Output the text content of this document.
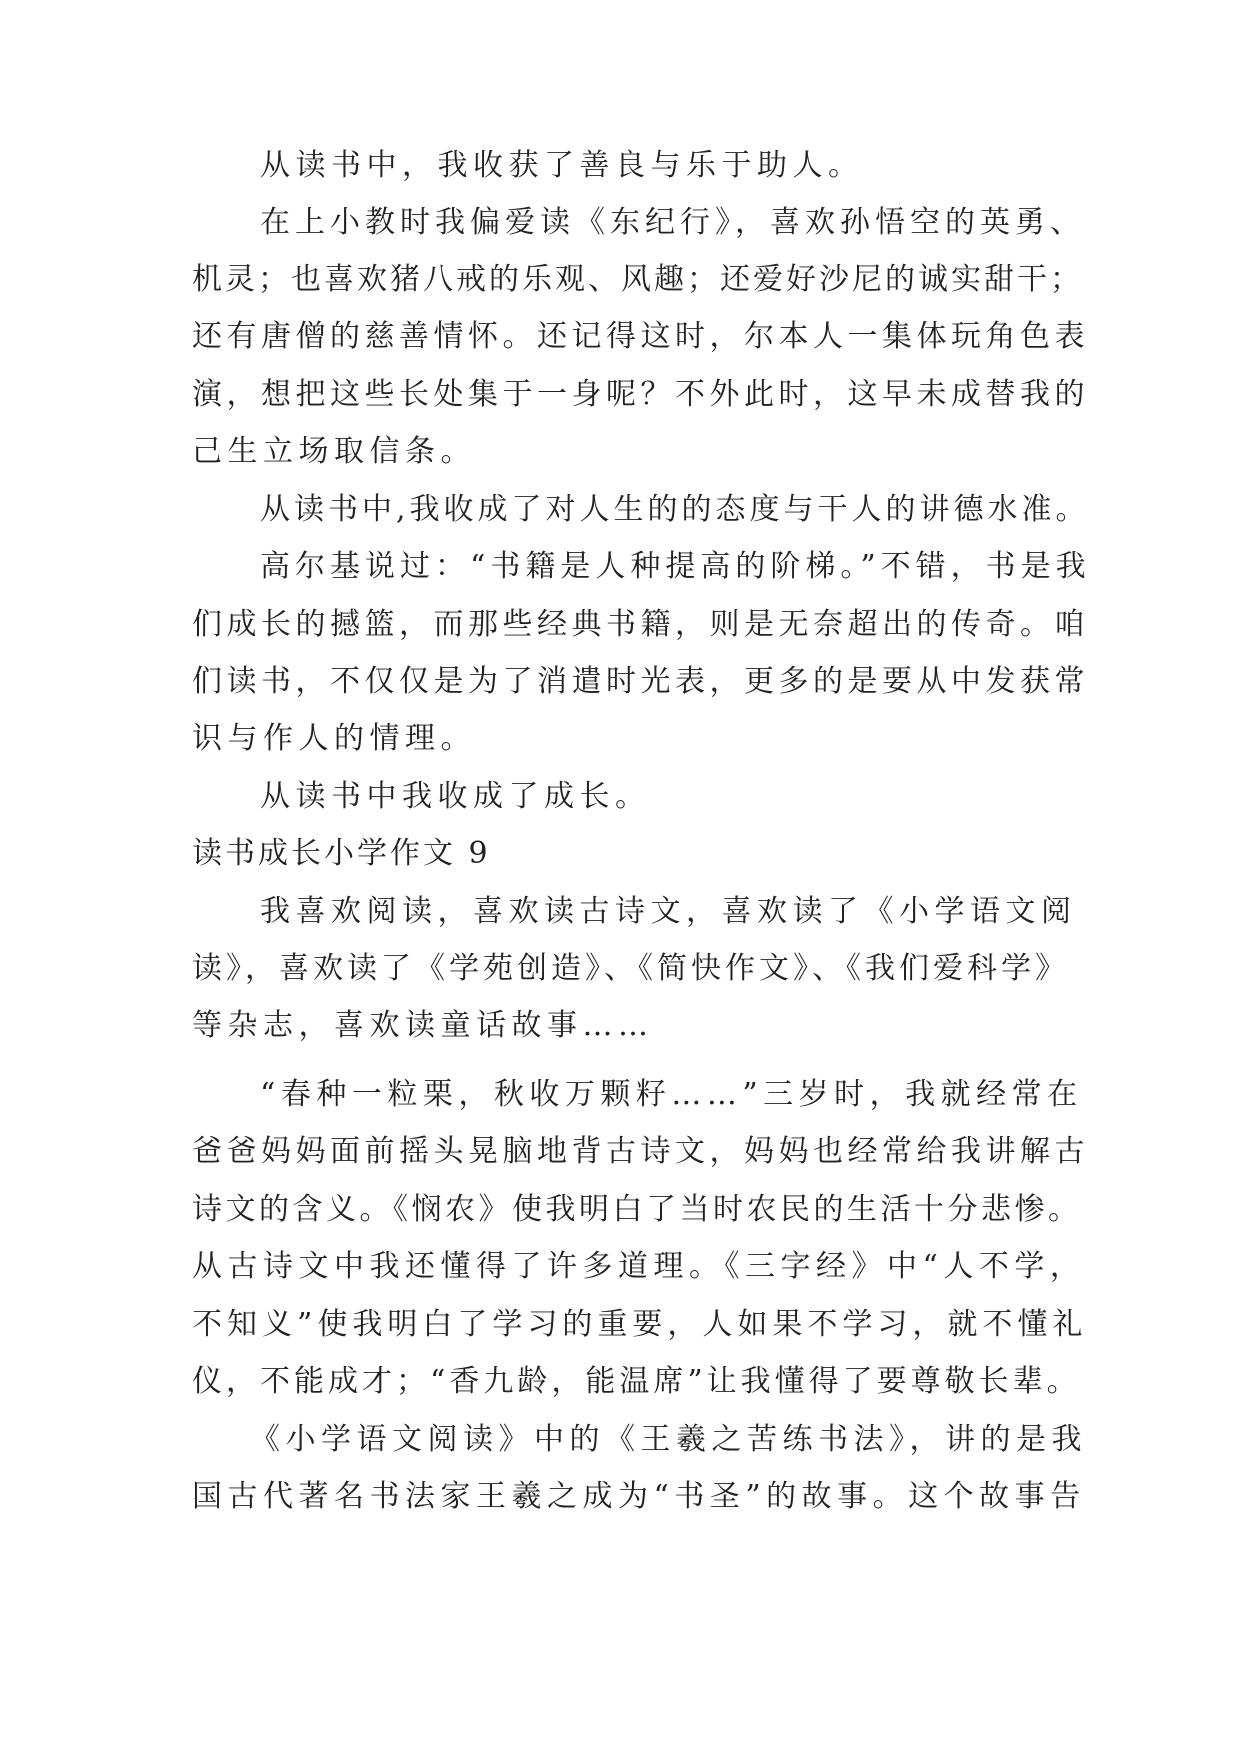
从读书中，我收获了善良与乐于助人。

在上小教时我偏爱读《东纪行》，喜欢孙悟空的英勇、

机灵；也喜欢猪八戒的乐观、风趣；还爱好沙尼的诚实甜干；

还有唐僧的慈善情怀。还记得这时，尔本人一集体玩角色表

演，想把这些长处集于一身呢？不外此时，这早未成替我的

己生立场取信条。

从读书中,我收成了对人生的的态度与干人的讲德水准。

高尔基说过：“书籍是人种提高的阶梯。”不错，书是我

们成长的撼篮，而那些经典书籍，则是无奈超出的传奇。咱

们读书，不仅仅是为了消遣时光表，更多的是要从中发获常

识与作人的情理。

从读书中我收成了成长。

读书成长小学作文 9

我喜欢阅读，喜欢读古诗文，喜欢读了《小学语文阅

读》，喜欢读了《学苑创造》、《简快作文》、《我们爱科学》

等杂志，喜欢读童话故事……

“春种一粒栗，秋收万颗籽……”三岁时，我就经常在

爸爸妈妈面前摇头晃脑地背古诗文，妈妈也经常给我讲解古

诗文的含义。《悯农》使我明白了当时农民的生活十分悲惨。

从古诗文中我还懂得了许多道理。《三字经》中“人不学，

不知义”使我明白了学习的重要，人如果不学习，就不懂礼

仪，不能成才；“香九龄，能温席”让我懂得了要尊敬长辈。

《小学语文阅读》中的《王羲之苦练书法》，讲的是我

国古代著名书法家王羲之成为“书圣”的故事。这个故事告
